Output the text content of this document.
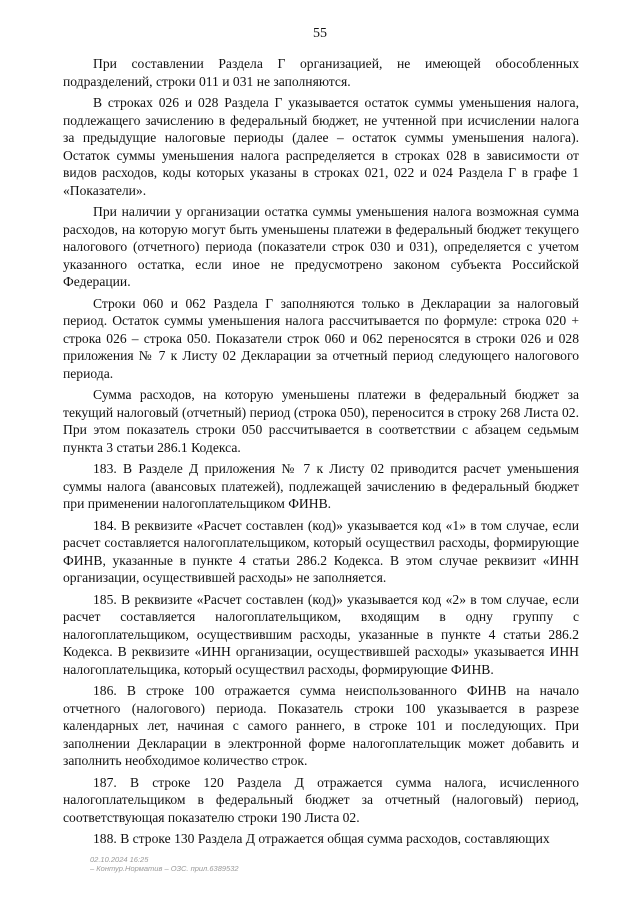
55

При составлении Раздела Г организацией, не имеющей обособленных подразделений, строки 011 и 031 не заполняются.

В строках 026 и 028 Раздела Г указывается остаток суммы уменьшения налога, подлежащего зачислению в федеральный бюджет, не учтенной при исчислении налога за предыдущие налоговые периоды (далее – остаток суммы уменьшения налога). Остаток суммы уменьшения налога распределяется в строках 028 в зависимости от видов расходов, коды которых указаны в строках 021, 022 и 024 Раздела Г в графе 1 «Показатели».

При наличии у организации остатка суммы уменьшения налога возможная сумма расходов, на которую могут быть уменьшены платежи в федеральный бюджет текущего налогового (отчетного) периода (показатели строк 030 и 031), определяется с учетом указанного остатка, если иное не предусмотрено законом субъекта Российской Федерации.

Строки 060 и 062 Раздела Г заполняются только в Декларации за налоговый период. Остаток суммы уменьшения налога рассчитывается по формуле: строка 020 + строка 026 – строка 050. Показатели строк 060 и 062 переносятся в строки 026 и 028 приложения № 7 к Листу 02 Декларации за отчетный период следующего налогового периода.

Сумма расходов, на которую уменьшены платежи в федеральный бюджет за текущий налоговый (отчетный) период (строка 050), переносится в строку 268 Листа 02. При этом показатель строки 050 рассчитывается в соответствии с абзацем седьмым пункта 3 статьи 286.1 Кодекса.

183. В Разделе Д приложения № 7 к Листу 02 приводится расчет уменьшения суммы налога (авансовых платежей), подлежащей зачислению в федеральный бюджет при применении налогоплательщиком ФИНВ.

184. В реквизите «Расчет составлен (код)» указывается код «1» в том случае, если расчет составляется налогоплательщиком, который осуществил расходы, формирующие ФИНВ, указанные в пункте 4 статьи 286.2 Кодекса. В этом случае реквизит «ИНН организации, осуществившей расходы» не заполняется.

185. В реквизите «Расчет составлен (код)» указывается код «2» в том случае, если расчет составляется налогоплательщиком, входящим в одну группу с налогоплательщиком, осуществившим расходы, указанные в пункте 4 статьи 286.2 Кодекса. В реквизите «ИНН организации, осуществившей расходы» указывается ИНН налогоплательщика, который осуществил расходы, формирующие ФИНВ.

186. В строке 100 отражается сумма неиспользованного ФИНВ на начало отчетного (налогового) периода. Показатель строки 100 указывается в разрезе календарных лет, начиная с самого раннего, в строке 101 и последующих. При заполнении Декларации в электронной форме налогоплательщик может добавить и заполнить необходимое количество строк.

187. В строке 120 Раздела Д отражается сумма налога, исчисленного налогоплательщиком в федеральный бюджет за отчетный (налоговый) период, соответствующая показателю строки 190 Листа 02.

188. В строке 130 Раздела Д отражается общая сумма расходов, составляющих

02.10.2024 16:25
– Контур.Норматив – ОЗС. прил.6389532
